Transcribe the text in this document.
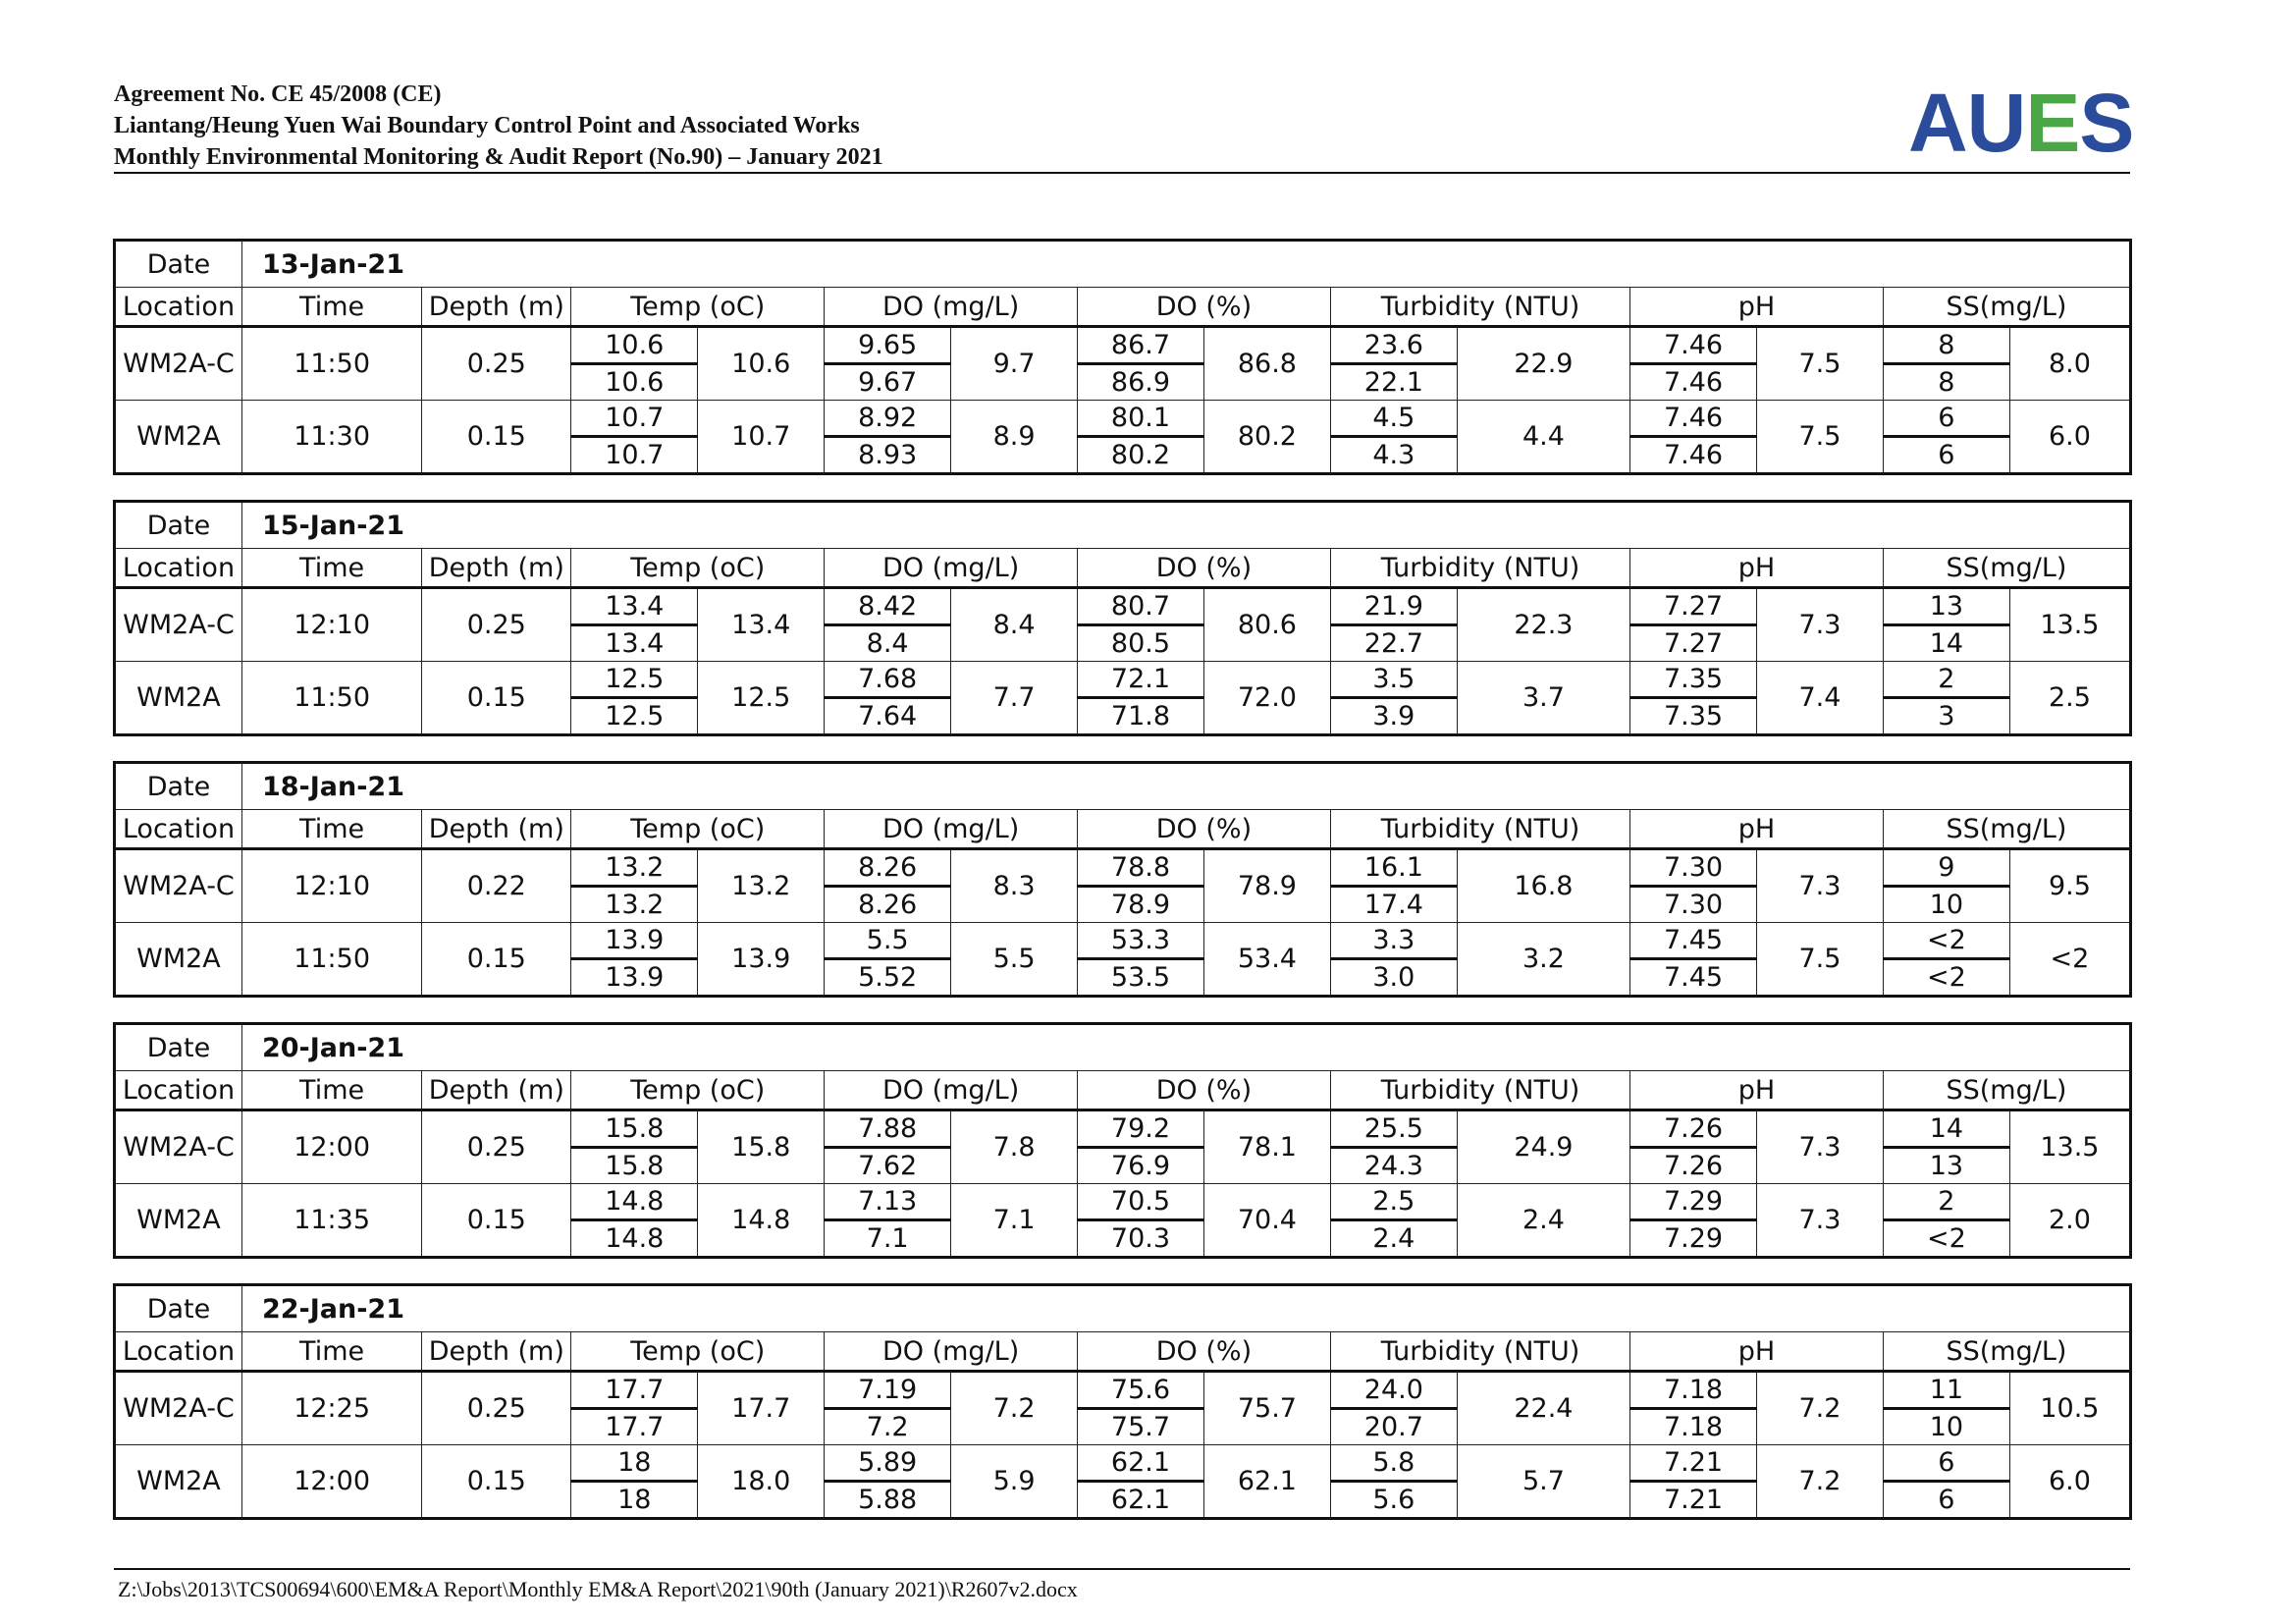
Agreement No. CE 45/2008 (CE)
Liantang/Heung Yuen Wai Boundary Control Point and Associated Works
Monthly Environmental Monitoring & Audit Report (No.90) – January 2021	AUES
Date	13-Jan-21													
Location	Time	Depth (m)	Temp (oC)		DO (mg/L)		DO (%)		Turbidity (NTU)		pH		SS(mg/L)	
WM2A-C	11:50	0.25	10.6	10.6	9.65	9.7	86.7	86.8	23.6	22.9	7.46	7.5	8	8.0
			10.6		9.67		86.9		22.1		7.46		8	
WM2A	11:30	0.15	10.7	10.7	8.92	8.9	80.1	80.2	4.5	4.4	7.46	7.5	6	6.0
			10.7		8.93		80.2		4.3		7.46		6	
Date	15-Jan-21													
Location	Time	Depth (m)	Temp (oC)		DO (mg/L)		DO (%)		Turbidity (NTU)		pH		SS(mg/L)	
WM2A-C	12:10	0.25	13.4	13.4	8.42	8.4	80.7	80.6	21.9	22.3	7.27	7.3	13	13.5
			13.4		8.4		80.5		22.7		7.27		14	
WM2A	11:50	0.15	12.5	12.5	7.68	7.7	72.1	72.0	3.5	3.7	7.35	7.4	2	2.5
			12.5		7.64		71.8		3.9		7.35		3	
Date	18-Jan-21													
Location	Time	Depth (m)	Temp (oC)		DO (mg/L)		DO (%)		Turbidity (NTU)		pH		SS(mg/L)	
WM2A-C	12:10	0.22	13.2	13.2	8.26	8.3	78.8	78.9	16.1	16.8	7.30	7.3	9	9.5
			13.2		8.26		78.9		17.4		7.30		10	
WM2A	11:50	0.15	13.9	13.9	5.5	5.5	53.3	53.4	3.3	3.2	7.45	7.5	<2	<2
			13.9		5.52		53.5		3.0		7.45		<2	
Date	20-Jan-21													
Location	Time	Depth (m)	Temp (oC)		DO (mg/L)		DO (%)		Turbidity (NTU)		pH		SS(mg/L)	
WM2A-C	12:00	0.25	15.8	15.8	7.88	7.8	79.2	78.1	25.5	24.9	7.26	7.3	14	13.5
			15.8		7.62		76.9		24.3		7.26		13	
WM2A	11:35	0.15	14.8	14.8	7.13	7.1	70.5	70.4	2.5	2.4	7.29	7.3	2	2.0
			14.8		7.1		70.3		2.4		7.29		<2	
Date	22-Jan-21													
Location	Time	Depth (m)	Temp (oC)		DO (mg/L)		DO (%)		Turbidity (NTU)		pH		SS(mg/L)	
WM2A-C	12:25	0.25	17.7	17.7	7.19	7.2	75.6	75.7	24.0	22.4	7.18	7.2	11	10.5
			17.7		7.2		75.7		20.7		7.18		10	
WM2A	12:00	0.15	18	18.0	5.89	5.9	62.1	62.1	5.8	5.7	7.21	7.2	6	6.0
			18		5.88		62.1		5.6		7.21		6	
Z:\Jobs\2013\TCS00694\600\EM&A Report\Monthly EM&A Report\2021\90th (January 2021)\R2607v2.docx
